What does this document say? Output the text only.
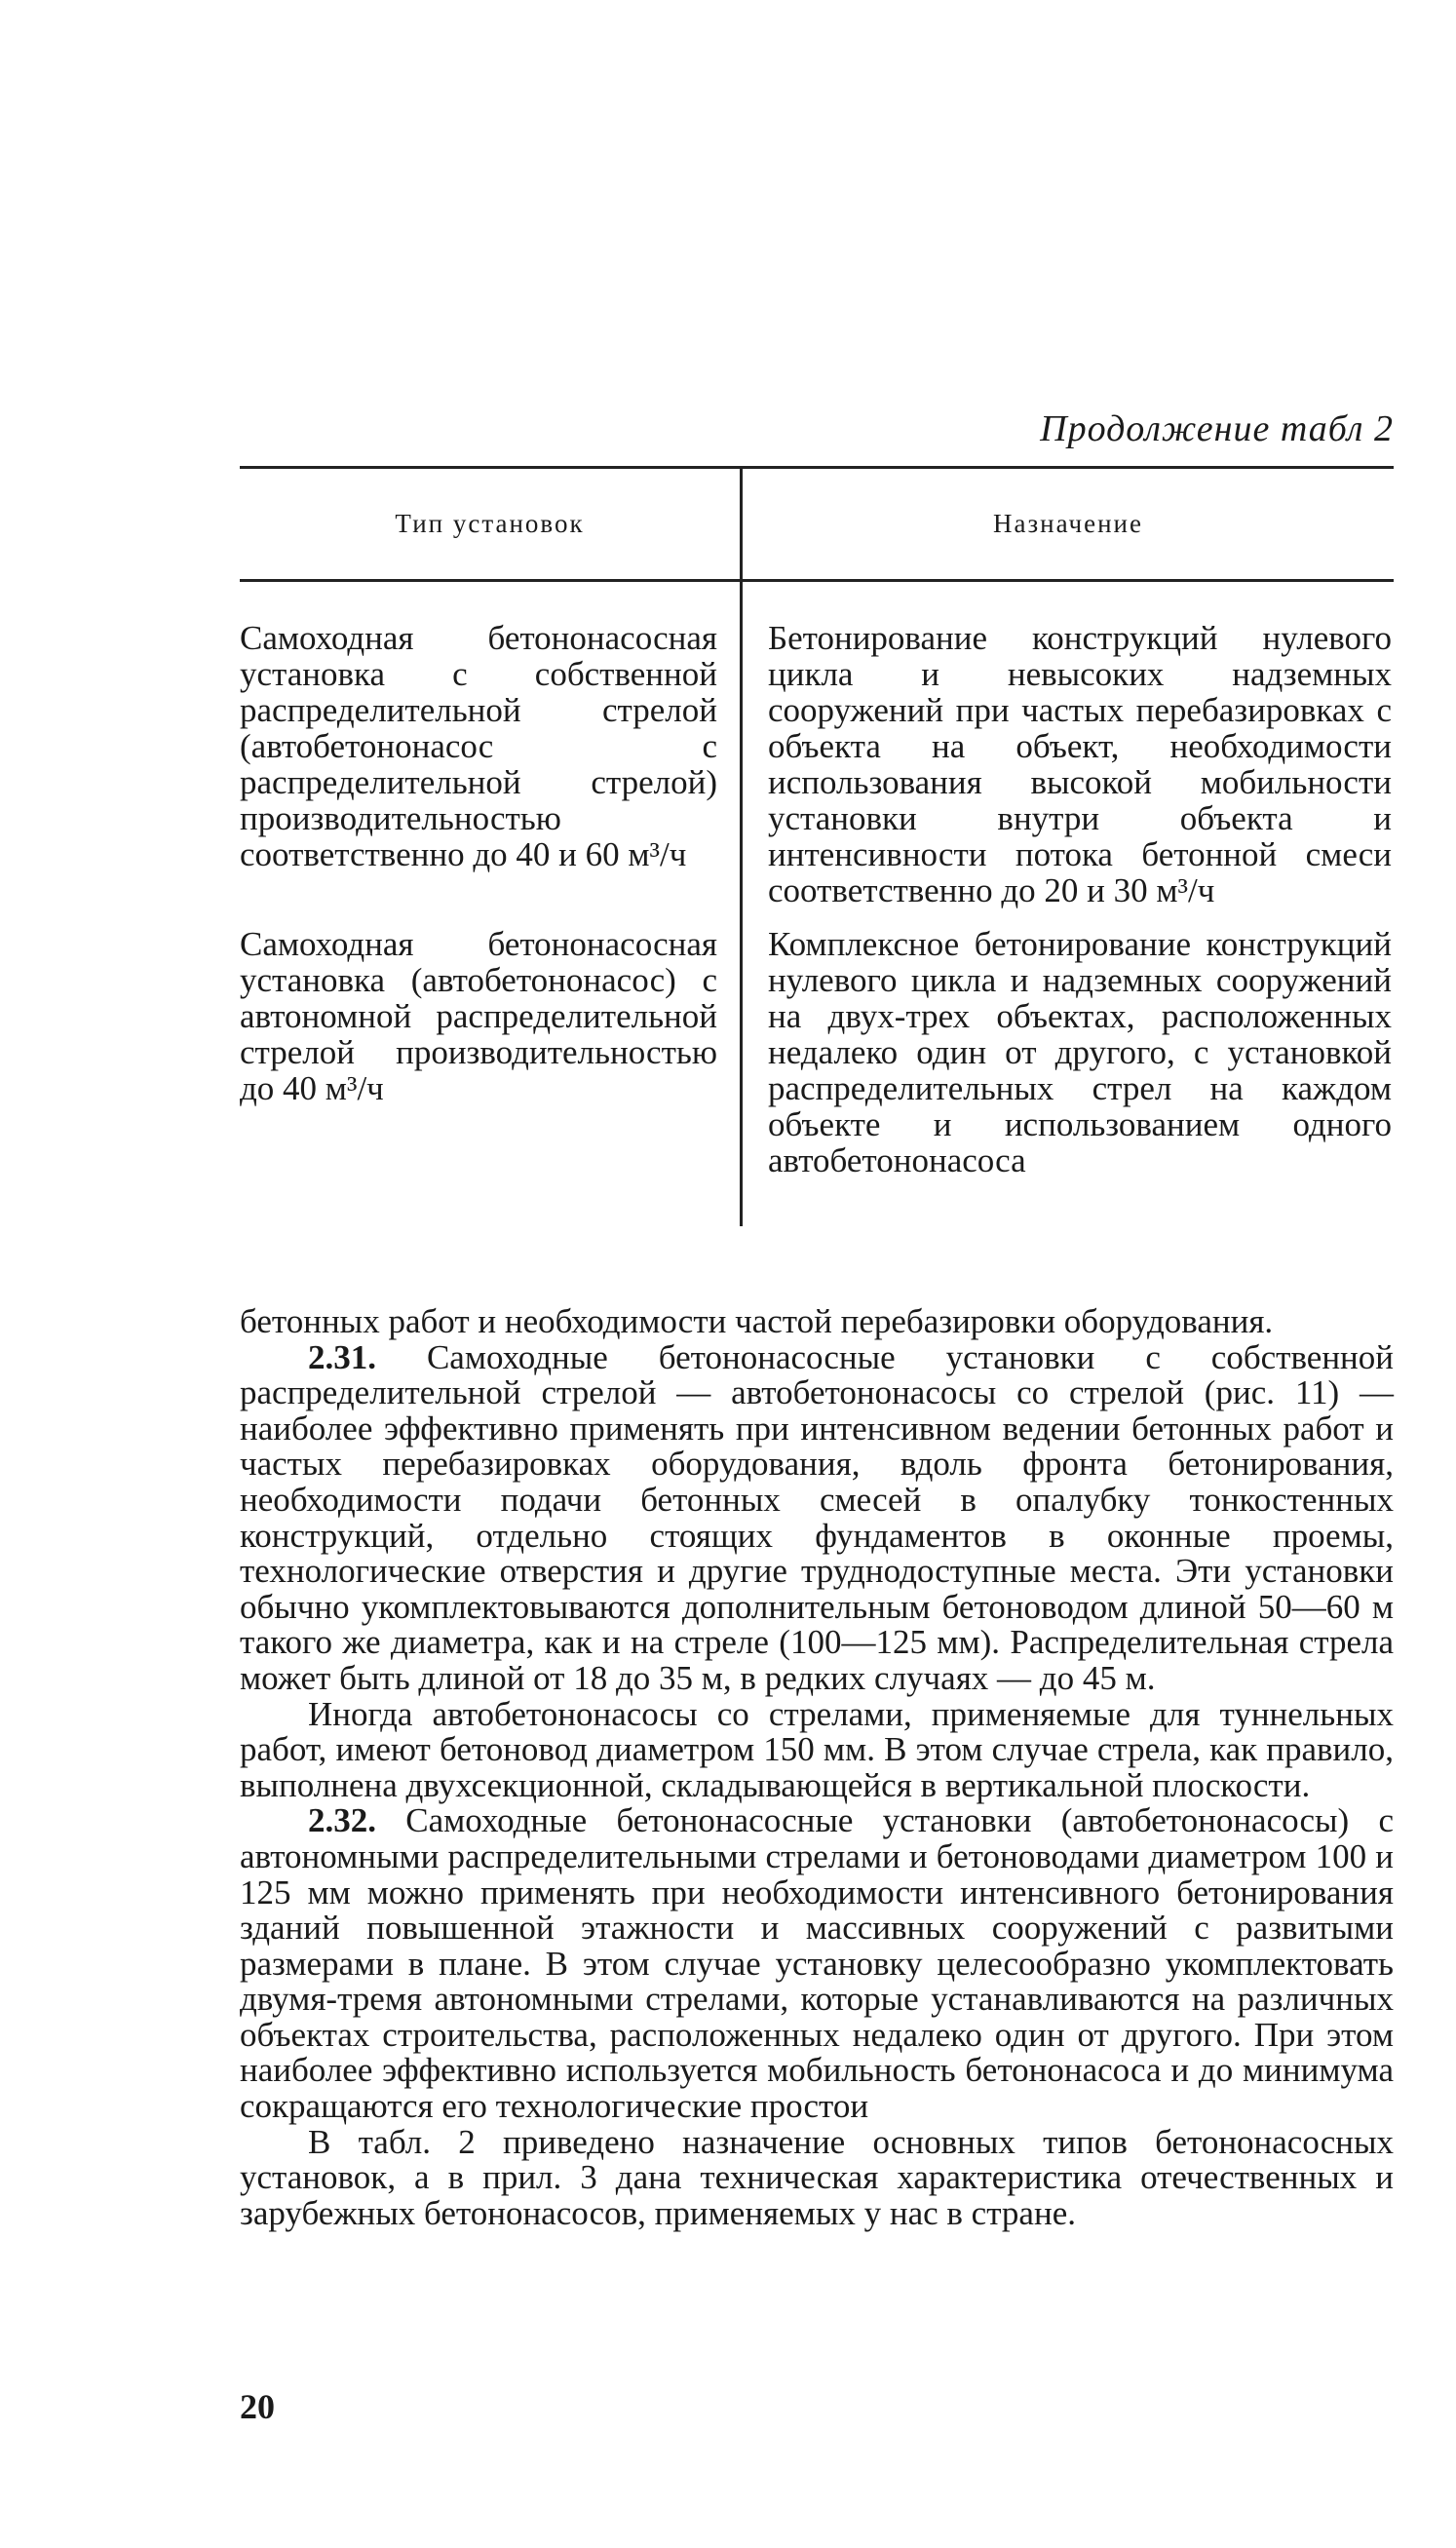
Продолжение табл 2

Тип установок	Назначение

Самоходная бетононасосная установка с собственной распределительной стрелой (автобетононасос с распределительной стрелой) производительностью соответственно до 40 и 60 м³/ч

Бетонирование конструкций нулевого цикла и невысоких надземных сооружений при частых перебазировках с объекта на объект, необходимости использования высокой мобильности установки внутри объекта и интенсивности потока бетонной смеси соответственно до 20 и 30 м³/ч

Самоходная бетононасосная установка (автобетононасос) с автономной распределительной стрелой производительностью до 40 м³/ч

Комплексное бетонирование конструкций нулевого цикла и надземных сооружений на двух-трех объектах, расположенных недалеко один от другого, с установкой распределительных стрел на каждом объекте и использованием одного автобетононасоса

бетонных работ и необходимости частой перебазировки оборудования.

2.31. Самоходные бетононасосные установки с собственной распределительной стрелой — автобетононасосы со стрелой (рис. 11) — наиболее эффективно применять при интенсивном ведении бетонных работ и частых перебазировках оборудования, вдоль фронта бетонирования, необходимости подачи бетонных смесей в опалубку тонкостенных конструкций, отдельно стоящих фундаментов в оконные проемы, технологические отверстия и другие труднодоступные места. Эти установки обычно укомплектовываются дополнительным бетоноводом длиной 50—60 м такого же диаметра, как и на стреле (100—125 мм). Распределительная стрела может быть длиной от 18 до 35 м, в редких случаях — до 45 м.

Иногда автобетононасосы со стрелами, применяемые для туннельных работ, имеют бетоновод диаметром 150 мм. В этом случае стрела, как правило, выполнена двухсекционной, складывающейся в вертикальной плоскости.

2.32. Самоходные бетононасосные установки (автобетононасосы) с автономными распределительными стрелами и бетоноводами диаметром 100 и 125 мм можно применять при необходимости интенсивного бетонирования зданий повышенной этажности и массивных сооружений с развитыми размерами в плане. В этом случае установку целесообразно укомплектовать двумя-тремя автономными стрелами, которые устанавливаются на различных объектах строительства, расположенных недалеко один от другого. При этом наиболее эффективно используется мобильность бетононасоса и до минимума сокращаются его технологические простои

В табл. 2 приведено назначение основных типов бетононасосных установок, а в прил. 3 дана техническая характеристика отечественных и зарубежных бетононасосов, применяемых у нас в стране.

20
